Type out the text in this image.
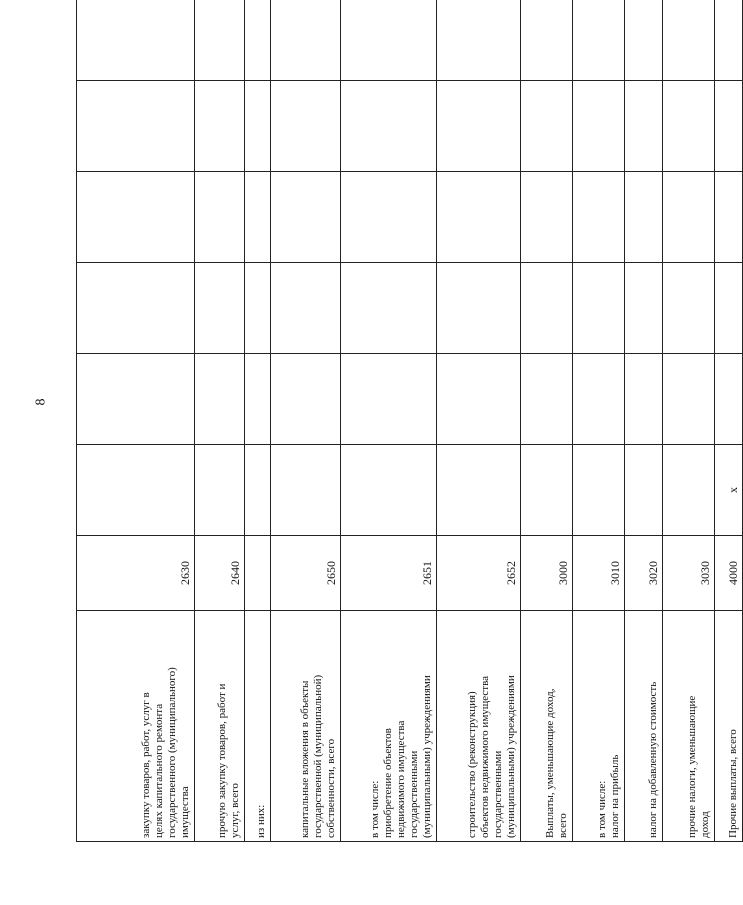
8
закупку товаров, работ, услуг в целях капитального ремонта государственного (муниципального) имущества	2630							

прочую закупку товаров, работ и услуг, всего	2640							

из них:								

капитальные вложения в объекты государственной (муниципальной) собственности, всего	2650							

в том числе: приобретение объектов недвижимого имущества государственными (муниципальными) учреждениями	2651							

строительство (реконструкция) объектов недвижимого имущества государственными (муниципальными) учреждениями	2652							

Выплаты, уменьшающие доход, всего	3000							

в том числе: налог на прибыль	3010							

налог на добавленную стоимость	3020							

прочие налоги, уменьшающие доход	3030							

Прочие выплаты, всего	4000	x						
